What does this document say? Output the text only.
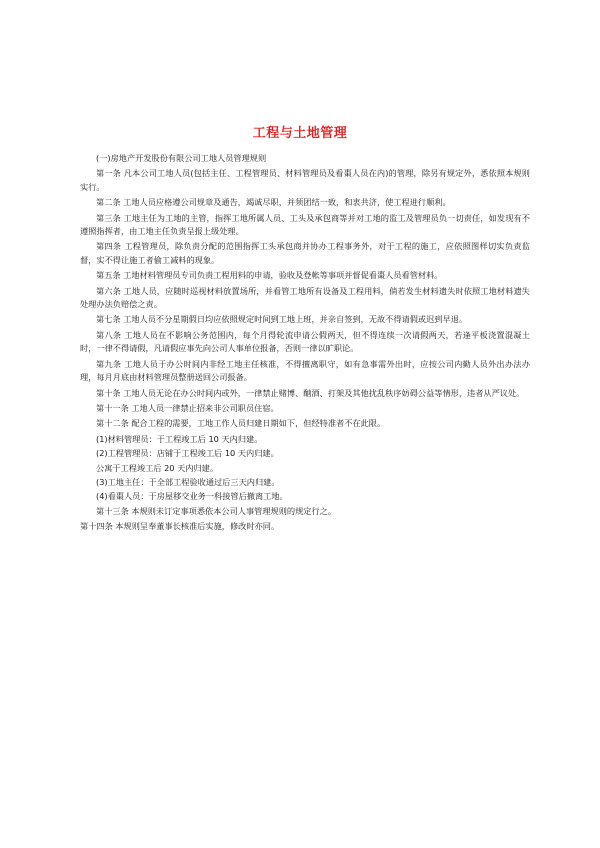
工程与土地管理

(一)房地产开发股份有限公司工地人员管理规则

第一条 凡本公司工地人员(包括主任、工程管理员、材料管理员及看棗人员在内)的管理，除另有规定外，悉依照本规则实行。

第二条 工地人员应格遵公司规章及通告，竭诚尽职，并须团结一致，和衷共济，使工程进行顺利。

第三条 工地主任为工地的主管，指挥工地所属人员、工头及承包商等并对工地的监工及管理员负一切责任，如发现有不遵照指挥者，由工地主任负责呈报上级处理。

第四条 工程管理员，除负责分配的范围指挥工头承包商并协办工程事务外，对于工程的施工，应依照图样切实负责监督，实不得让施工者偷工减料的现象。

第五条 工地材料管理员专司负责工程用料的申请，验收及登帐等事项并督促看棗人员看管材料。

第六条 工地人员，应随时巡视材料放置场所，并看管工地所有设备及工程用料，倘若发生材料遗失时依照工地材料遗失处理办法负赔偿之责。

第七条 工地人员不分星期假日均应依照规定时间到工地上班，并亲自签到，无故不得请假或迟到早退。

第八条 工地人员在不影响公务范围内，每个月得轮流申请公假两天，但不得连续一次请假两天，若逢平板浇置混凝土时，一律不得请假，凡请假应事先向公司人事单位报备，否则一律以旷职论。

第九条 工地人员于办公时间内非经工地主任核准，不得擅离职守，如有急事需外出时，应按公司内勤人员外出办法办理，每月月底由材料管理员整册送回公司报备。

第十条 工地人员无论在办公时间内或外，一律禁止赌博、酗酒、打架及其他扰乱秩序妨碍公益等情形，违者从严议处。

第十一条 工地人员一律禁止招来非公司职员住宿。

第十二条 配合工程的需要，工地工作人员归建日期如下，但经特准者不在此限。

(1)材料管理员：于工程竣工后 10 天内归建。

(2)工程管理员：店铺于工程竣工后 10 天内归建。

公寓于工程竣工后 20 天内归建。

(3)工地主任：于全部工程验收通过后三天内归建。

(4)看棗人员：于房屋移交业务一科接管后撤离工地。

第十三条 本规则未订定事项悉依本公司人事管理规则的规定行之。

第十四条 本规则呈奉董事长核准后实施，修改时亦同。
